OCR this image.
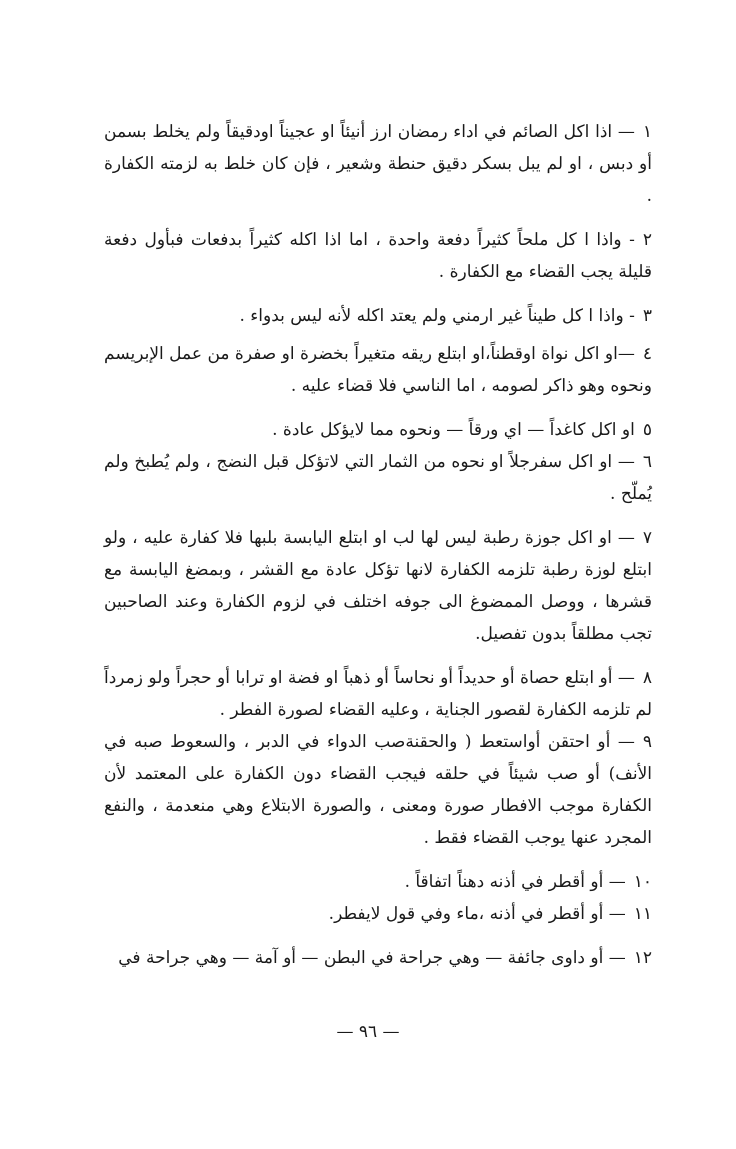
١— اذا اكل الصائم في اداء رمضان ارز أنيئاً او عجيناً اودقيقاً ولم يخلط بسمن أو دبس ، او لم يبل بسكر دقيق حنطة وشعير ، فإن كان خلط به لزمته الكفارة .

٢- واذا ا كل ملحاً كثيراً دفعة واحدة ، اما اذا اكله كثيراً بدفعات فبأول دفعة قليلة يجب القضاء مع الكفارة .

٣- واذا ا كل طيناً غير ارمني ولم يعتد اكله لأنه ليس بدواء .

٤—او اكل نواة اوقطناً،او ابتلع ريقه متغيراً بخضرة او صفرة من عمل الإبريسم ونحوه وهو ذاكر لصومه ، اما الناسي فلا قضاء عليه .

٥او اكل كاغداً — اي ورقاً — ونحوه مما لايؤكل عادة .

٦— او اكل سفرجلاً او نحوه من الثمار التي لاتؤكل قبل النضج ، ولم يُطبخ ولم يُملّح .

٧— او اكل جوزة رطبة ليس لها لب او ابتلع اليابسة بلبها فلا كفارة عليه ، ولو ابتلع لوزة رطبة تلزمه الكفارة لانها تؤكل عادة مع القشر ، وبمضغ اليابسة مع قشرها ، ووصل الممضوغ الى جوفه اختلف في لزوم الكفارة وعند الصاحبين تجب مطلقاً بدون تفصيل.

٨— أو ابتلع حصاة أو حديداً أو نحاساً أو ذهباً او فضة او ترابا أو حجراً ولو زمرداً لم تلزمه الكفارة لقصور الجناية ، وعليه القضاء لصورة الفطر .

٩— أو احتقن أواستعط ( والحقنةصب الدواء في الدبر ، والسعوط صبه في الأنف) أو صب شيئاً في حلقه فيجب القضاء دون الكفارة على المعتمد لأن الكفارة موجب الافطار صورة ومعنى ، والصورة الابتلاع وهي منعدمة ، والنفع المجرد عنها يوجب القضاء فقط .

١٠— أو أقطر في أذنه دهناً اتفاقاً .

١١— أو أقطر في أذنه ،ماء وفي قول لايفطر.

١٢— أو داوى جائفة — وهي جراحة في البطن — أو آمة — وهي جراحة في

— ٩٦ —
